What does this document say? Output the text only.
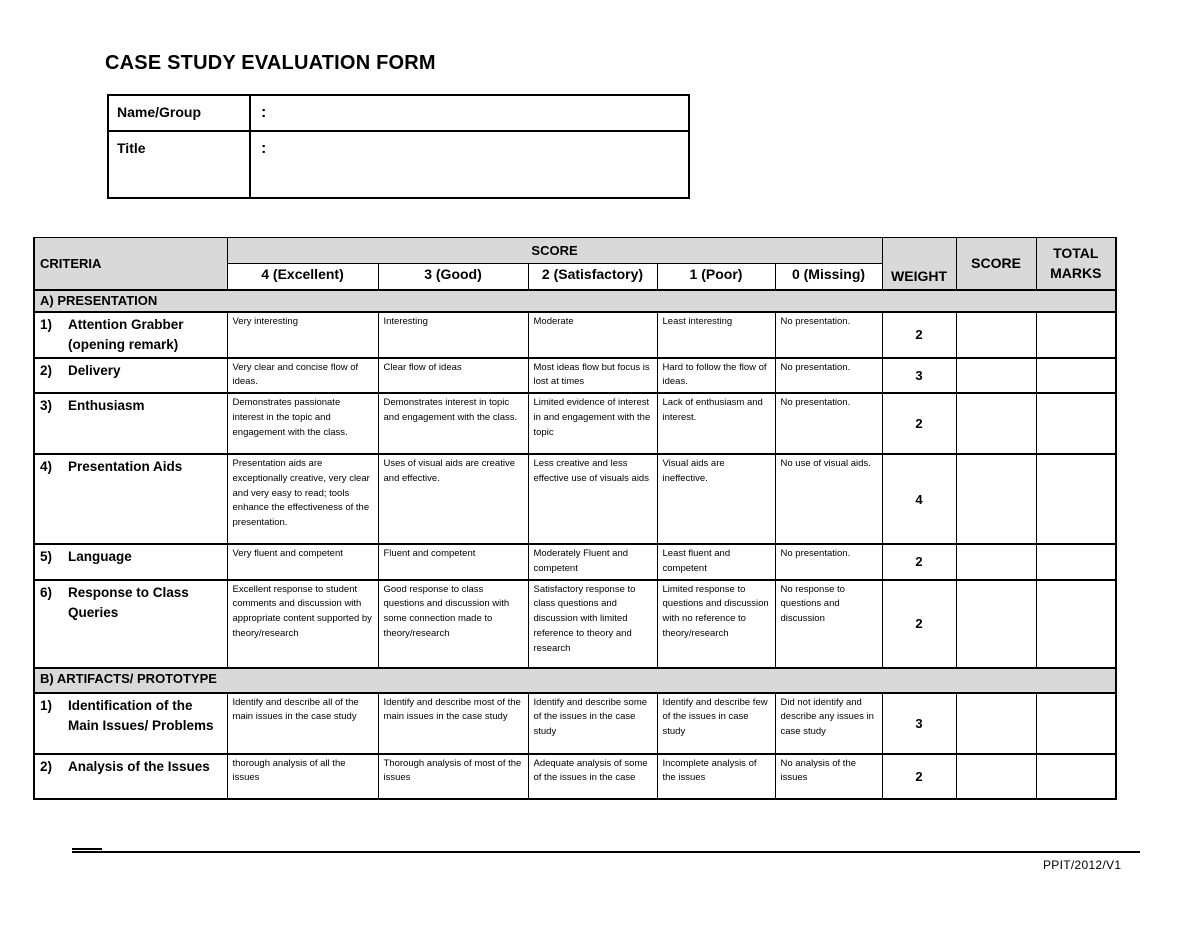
CASE STUDY EVALUATION FORM
Name/Group	:
Title	:
CRITERIA	SCORE					WEIGHT	SCORE	TOTAL MARKS
	4 (Excellent)	3 (Good)	2 (Satisfactory)	1 (Poor)	0 (Missing)			
A) PRESENTATION								
1) Attention Grabber (opening remark)	Very interesting	Interesting	Moderate	Least interesting	No presentation.	2		
2) Delivery	Very clear and concise flow of ideas.	Clear flow of ideas	Most ideas flow but focus is lost at times	Hard to follow the flow of ideas.	No presentation.	3		
3) Enthusiasm	Demonstrates passionate interest in the topic and engagement with the class.	Demonstrates interest in topic and engagement with the class.	Limited evidence of interest in and engagement with the topic	Lack of enthusiasm and interest.	No presentation.	2		
4) Presentation Aids	Presentation aids are exceptionally creative, very clear and very easy to read; tools enhance the effectiveness of the presentation.	Uses of visual aids are creative and effective.	Less creative and less effective use of visuals aids	Visual aids are ineffective.	No use of visual aids.	4		
5) Language	Very fluent and competent	Fluent and competent	Moderately Fluent and competent	Least fluent and competent	No presentation.	2		
6) Response to Class Queries	Excellent response to student comments and discussion with appropriate content supported by theory/research	Good response to class questions and discussion with some connection made to theory/research	Satisfactory response to class questions and discussion with limited reference to theory and research	Limited response to questions and discussion with no reference to theory/research	No response to questions and discussion	2		
B) ARTIFACTS/ PROTOTYPE								
1) Identification of the Main Issues/ Problems	Identify and describe all of the main issues in the case study	Identify and describe most of the main issues in the case study	Identify and describe some of the issues in the case study	Identify and describe few of the issues in case study	Did not identify and describe any issues in case study	3		
2) Analysis of the Issues	thorough analysis of all the issues	Thorough analysis of most of the issues	Adequate analysis of some of the issues in the case	Incomplete analysis of the issues	No analysis of the issues	2		
PPIT/2012/V1
